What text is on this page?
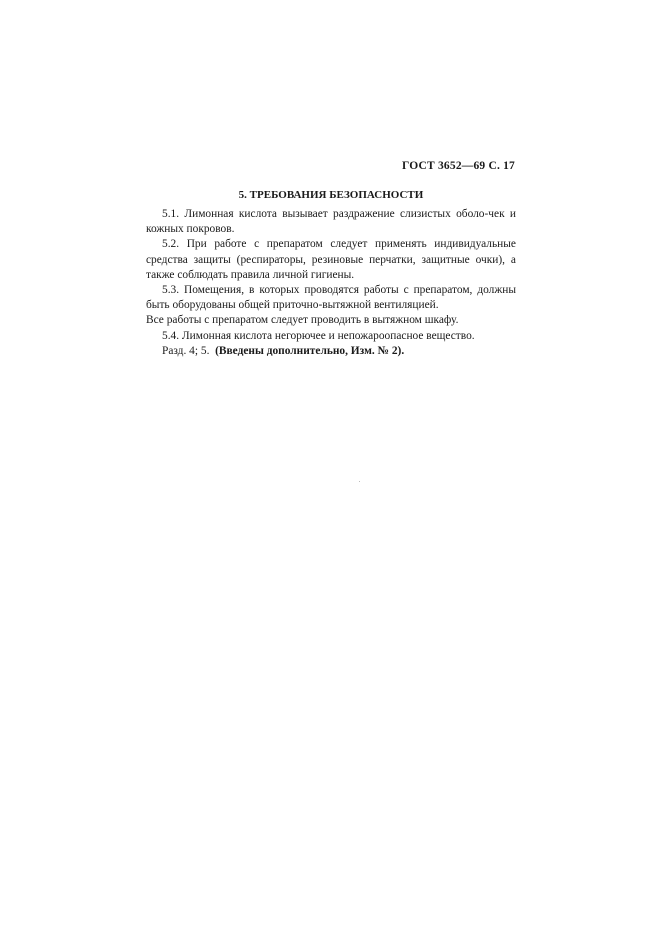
ГОСТ 3652—69 С. 17
5. ТРЕБОВАНИЯ БЕЗОПАСНОСТИ

5.1. Лимонная кислота вызывает раздражение слизистых оболо-чек и кожных покровов.

5.2. При работе с препаратом следует применять индивидуальные средства защиты (респираторы, резиновые перчатки, защитные очки), а также соблюдать правила личной гигиены.

5.3. Помещения, в которых проводятся работы с препаратом, должны быть оборудованы общей приточно-вытяжной вентиляцией.

Все работы с препаратом следует проводить в вытяжном шкафу.

5.4. Лимонная кислота негорючее и непожароопасное вещество.

Разд. 4; 5. (Введены дополнительно, Изм. № 2).
